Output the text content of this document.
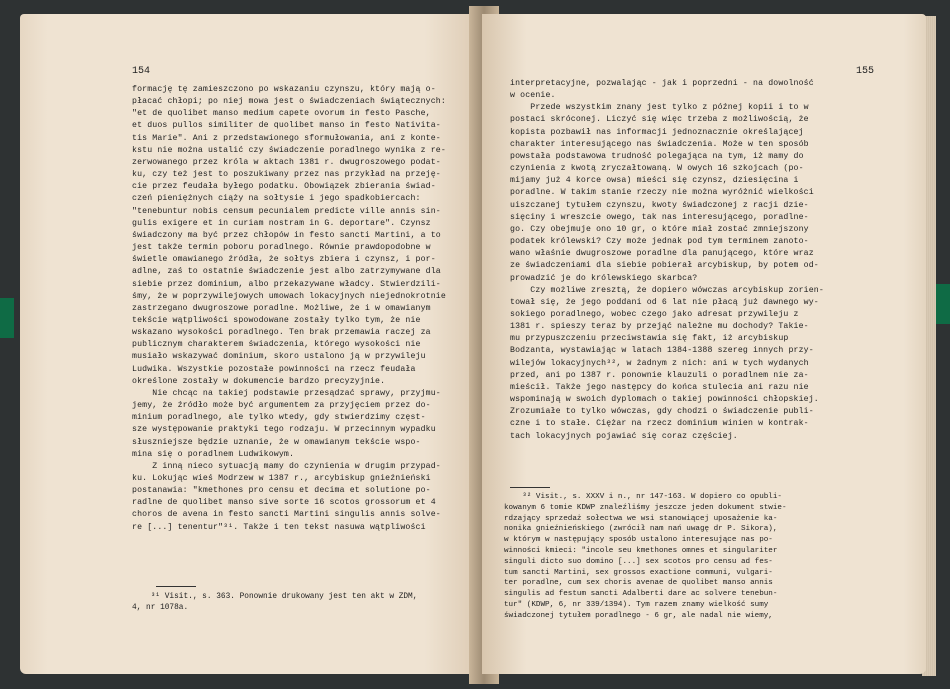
154
formację tę zamieszczono po wskazaniu czynszu, który mają o-
płacać chłopi; po niej mowa jest o świadczeniach świątecznych:
"et de quolibet manso medium capete ovorum in festo Pasche,
et duos pullos similiter de quolibet manso in festo Nativita-
tis Marie". Ani z przedstawionego sformułowania, ani z konte-
kstu nie można ustalić czy świadczenie poradlnego wynika z re-
zerwowanego przez króla w aktach 1381 r. dwugroszowego podat-
ku, czy też jest to poszukiwany przez nas przykład na przeję-
cie przez feudała byłego podatku. Obowiązek zbierania świad-
czeń pieniężnych ciąży na sołtysie i jego spadkobiercach:
"tenebuntur nobis censum pecunialem predicte ville annis sin-
gulis exigere et in curiam nostram in G. deportare". Czynsz
świadczony ma być przez chłopów in festo sancti Martini, a to
jest także termin poboru poradlnego. Równie prawdopodobne w
świetle omawianego źródła, że sołtys zbiera i czynsz, i por-
adlne, zaś to ostatnie świadczenie jest albo zatrzymywane dla
siebie przez dominium, albo przekazywane władcy. Stwierdzili-
śmy, że w poprzywilejowych umowach lokacyjnych niejednokrotnie
zastrzegano dwugroszowe poradlne. Możliwe, że i w omawianym
tekście wątpliwości spowodowane zostały tylko tym, że nie
wskazano wysokości poradlnego. Ten brak przemawia raczej za
publicznym charakterem świadczenia, którego wysokości nie
musiało wskazywać dominium, skoro ustalono ją w przywileju
Ludwika. Wszystkie pozostałe powinności na rzecz feudała
określone zostały w dokumencie bardzo precyzyjnie.
Nie chcąc na takiej podstawie przesądzać sprawy, przyjmu-
jemy, że źródło może być argumentem za przyjęciem przez do-
minium poradlnego, ale tylko wtedy, gdy stwierdzimy częst-
sze występowanie praktyki tego rodzaju. W przecinnym wypadku
słuszniejsze będzie uznanie, że w omawianym tekście wspo-
mina się o poradlnem Ludwikowym.
Z inną nieco sytuacją mamy do czynienia w drugim przypad-
ku. Lokując wieś Modrzew w 1387 r., arcybiskup gnieźnieński
postanawia: "kmethones pro censu et decima et solutione po-
radlne de quolibet manso sive sorte 16 scotos grossorum et 4
choros de avena in festo sancti Martini singulis annis solve-
re [...] tenentur"³¹. Także i ten tekst nasuwa wątpliwości
³¹ Visit., s. 363. Ponownie drukowany jest ten akt w ZDM,
4, nr 1078a.
155
interpretacyjne, pozwalając - jak i poprzedni - na dowolność
w ocenie.
Przede wszystkim znany jest tylko z późnej kopii i to w
postaci skróconej. Liczyć się więc trzeba z możliwością, że
kopista pozbawił nas informacji jednoznacznie określającej
charakter interesującego nas świadczenia. Może w ten sposób
powstała podstawowa trudność polegająca na tym, iż mamy do
czynienia z kwotą zryczałtowaną. W owych 16 szkojcach (po-
mijamy już 4 korce owsa) mieści się czynsz, dziesięcina i
poradlne. W takim stanie rzeczy nie można wyróżnić wielkości
uiszczanej tytułem czynszu, kwoty świadczonej z racji dzie-
sięciny i wreszcie owego, tak nas interesującego, poradlne-
go. Czy obejmuje ono 10 gr, o które miał zostać zmniejszony
podatek królewski? Czy może jednak pod tym terminem zanoto-
wano właśnie dwugroszowe poradlne dla panującego, które wraz
ze świadczeniami dla siebie pobierał arcybiskup, by potem od-
prowadzić je do królewskiego skarbca?
Czy możliwe zresztą, że dopiero wówczas arcybiskup zorien-
tował się, że jego poddani od 6 lat nie płacą już dawnego wy-
sokiego poradlnego, wobec czego jako adresat przywileju z
1381 r. spieszy teraz by przejąć należne mu dochody? Takie-
mu przypuszczeniu przeciwstawia się fakt, iż arcybiskup
Bodzanta, wystawiając w latach 1384-1388 szereg innych przy-
wilejów lokacyjnych³², w żadnym z nich: ani w tych wydanych
przed, ani po 1387 r. ponownie klauzuli o poradlnem nie za-
mieścił. Także jego następcy do końca stulecia ani razu nie
wspominają w swoich dyplomach o takiej powinności chłopskiej.
Zrozumiałe to tylko wówczas, gdy chodzi o świadczenie publi-
czne i to stałe. Ciężar na rzecz dominium winien w kontrak-
tach lokacyjnych pojawiać się coraz częściej.
³² Visit., s. XXXV i n., nr 147-163. W dopiero co opubli-
kowanym 6 tomie KDWP znaleźliśmy jeszcze jeden dokument stwie-
rdzający sprzedaż sołectwa we wsi stanowiącej uposażenie ka-
nonika gnieźnieńskiego (zwrócił nam nań uwagę dr P. Sikora),
w którym w następujący sposób ustalono interesujące nas po-
winności kmieci: "incole seu kmethones omnes et singulariter
singuli dicto suo domino [...] sex scotos pro censu ad fes-
tum sancti Martini, sex grossos exactione communi, vulgari-
ter poradlne, cum sex choris avenae de quolibet manso annis
singulis ad festum sancti Adalberti dare ac solvere tenebun-
tur" (KDWP, 6, nr 339/1394). Tym razem znamy wielkość sumy
świadczonej tytułem poradlnego - 6 gr, ale nadal nie wiemy,
